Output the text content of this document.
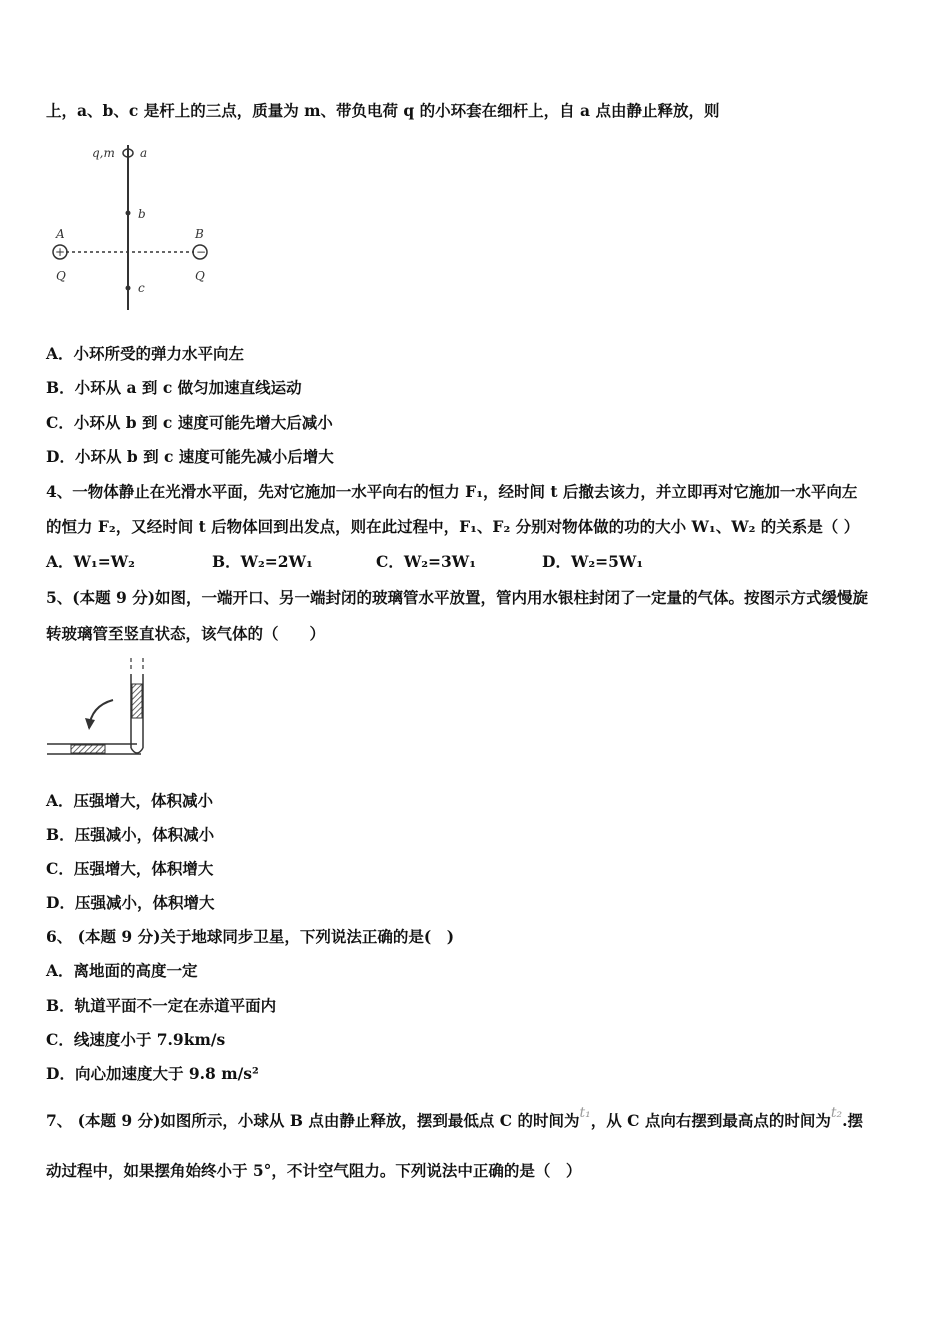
上，a、b、c 是杆上的三点，质量为 m、带负电荷 q 的小环套在细杆上，自 a 点由静止释放，则
q,m a
b
+
A
Q
−
B
Q
c
A．小环所受的弹力水平向左
B．小环从 a 到 c 做匀加速直线运动
C．小环从 b 到 c 速度可能先增大后减小
D．小环从 b 到 c 速度可能先减小后增大
4、一物体静止在光滑水平面，先对它施加一水平向右的恒力 F₁，经时间 t 后撤去该力，并立即再对它施加一水平向左
的恒力 F₂，又经时间 t 后物体回到出发点，则在此过程中，F₁、F₂ 分别对物体做的功的大小 W₁、W₂ 的关系是（ ）
A．W₁=W₂	B．W₂=2W₁	C．W₂=3W₁	D．W₂=5W₁
5、(本题 9 分)如图，一端开口、另一端封闭的玻璃管水平放置，管内用水银柱封闭了一定量的气体。按图示方式缓慢旋
转玻璃管至竖直状态，该气体的（　　）
A．压强增大，体积减小
B．压强减小，体积减小
C．压强增大，体积增大
D．压强减小，体积增大
6、 (本题 9 分)关于地球同步卫星，下列说法正确的是(　)
A．离地面的高度一定
B．轨道平面不一定在赤道平面内
C．线速度小于 7.9km/s
D．向心加速度大于 9.8 m/s²
7、 (本题 9 分)如图所示，小球从 B 点由静止释放，摆到最低点 C 的时间为t₁，从 C 点向右摆到最高点的时间为t₂.摆
动过程中，如果摆角始终小于 5°，不计空气阻力。下列说法中正确的是（　）
